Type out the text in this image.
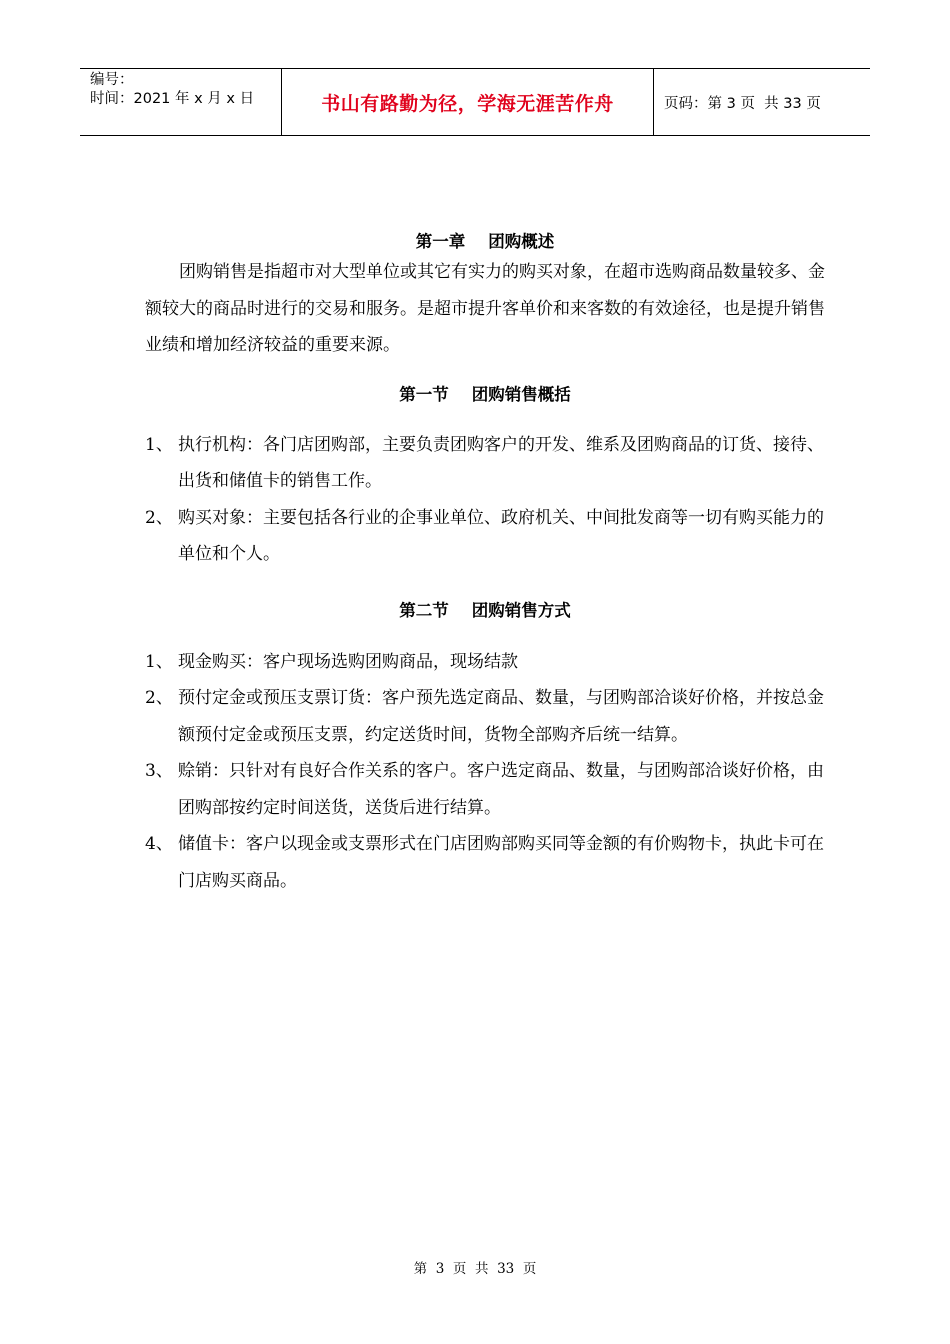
编号：
时间：2021 年 x 月 x 日	书山有路勤为径，学海无涯苦作舟	页码：第 3 页  共 33 页
第一章    团购概述
团购销售是指超市对大型单位或其它有实力的购买对象，在超市选购商品数量较多、金额较大的商品时进行的交易和服务。是超市提升客单价和来客数的有效途径，也是提升销售业绩和增加经济较益的重要来源。
第一节    团购销售概括
1、 执行机构：各门店团购部，主要负责团购客户的开发、维系及团购商品的订货、接待、出货和储值卡的销售工作。
2、 购买对象：主要包括各行业的企事业单位、政府机关、中间批发商等一切有购买能力的单位和个人。
第二节    团购销售方式
1、 现金购买：客户现场选购团购商品，现场结款
2、 预付定金或预压支票订货：客户预先选定商品、数量，与团购部洽谈好价格，并按总金额预付定金或预压支票，约定送货时间，货物全部购齐后统一结算。
3、 赊销：只针对有良好合作关系的客户。客户选定商品、数量，与团购部洽谈好价格，由团购部按约定时间送货，送货后进行结算。
4、 储值卡：客户以现金或支票形式在门店团购部购买同等金额的有价购物卡，执此卡可在门店购买商品。
第  3  页  共  33  页
